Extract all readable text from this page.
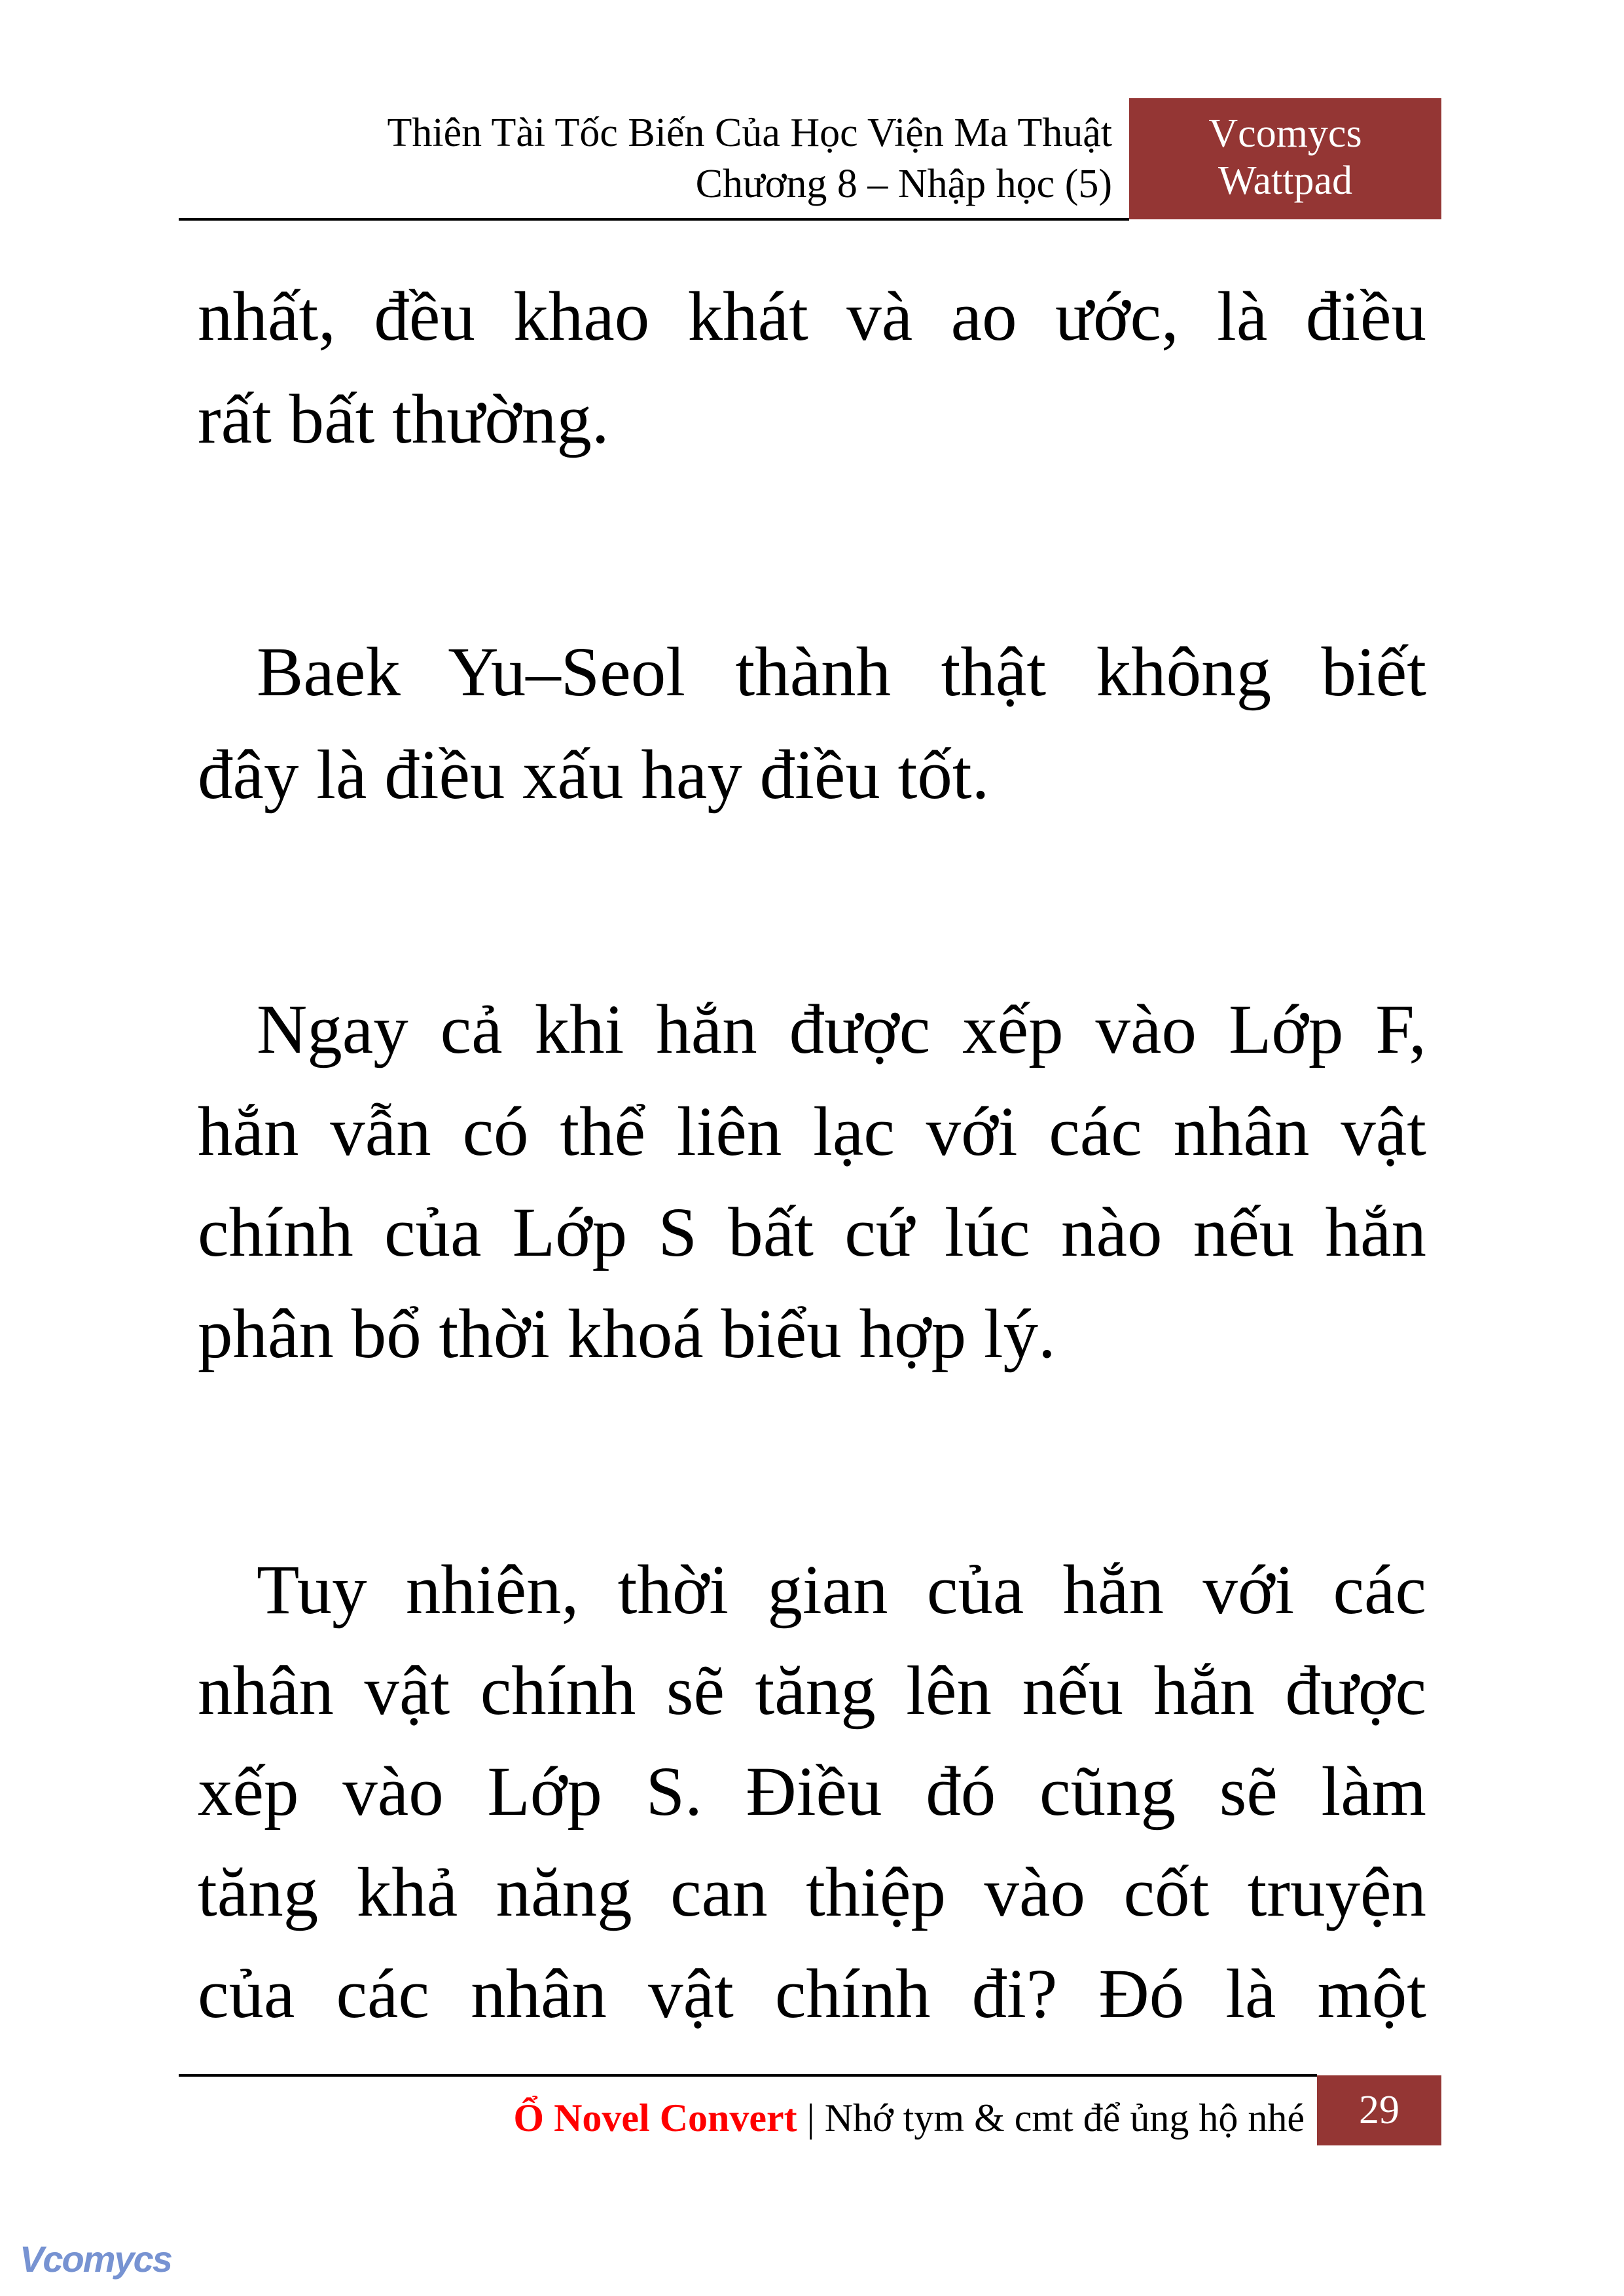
Thiên Tài Tốc Biến Của Học Viện Ma Thuật
Chương 8 – Nhập học (5)
Vcomycs
Wattpad
nhất, đều khao khát và ao ước, là điều
rất bất thường.
Baek Yu–Seol thành thật không biết
đây là điều xấu hay điều tốt.
Ngay cả khi hắn được xếp vào Lớp F,
hắn vẫn có thể liên lạc với các nhân vật
chính của Lớp S bất cứ lúc nào nếu hắn
phân bổ thời khoá biểu hợp lý.
Tuy nhiên, thời gian của hắn với các
nhân vật chính sẽ tăng lên nếu hắn được
xếp vào Lớp S. Điều đó cũng sẽ làm
tăng khả năng can thiệp vào cốt truyện
của các nhân vật chính đi? Đó là một
Ổ Novel Convert | Nhớ tym & cmt để ủng hộ nhé	29
Vcomycs
